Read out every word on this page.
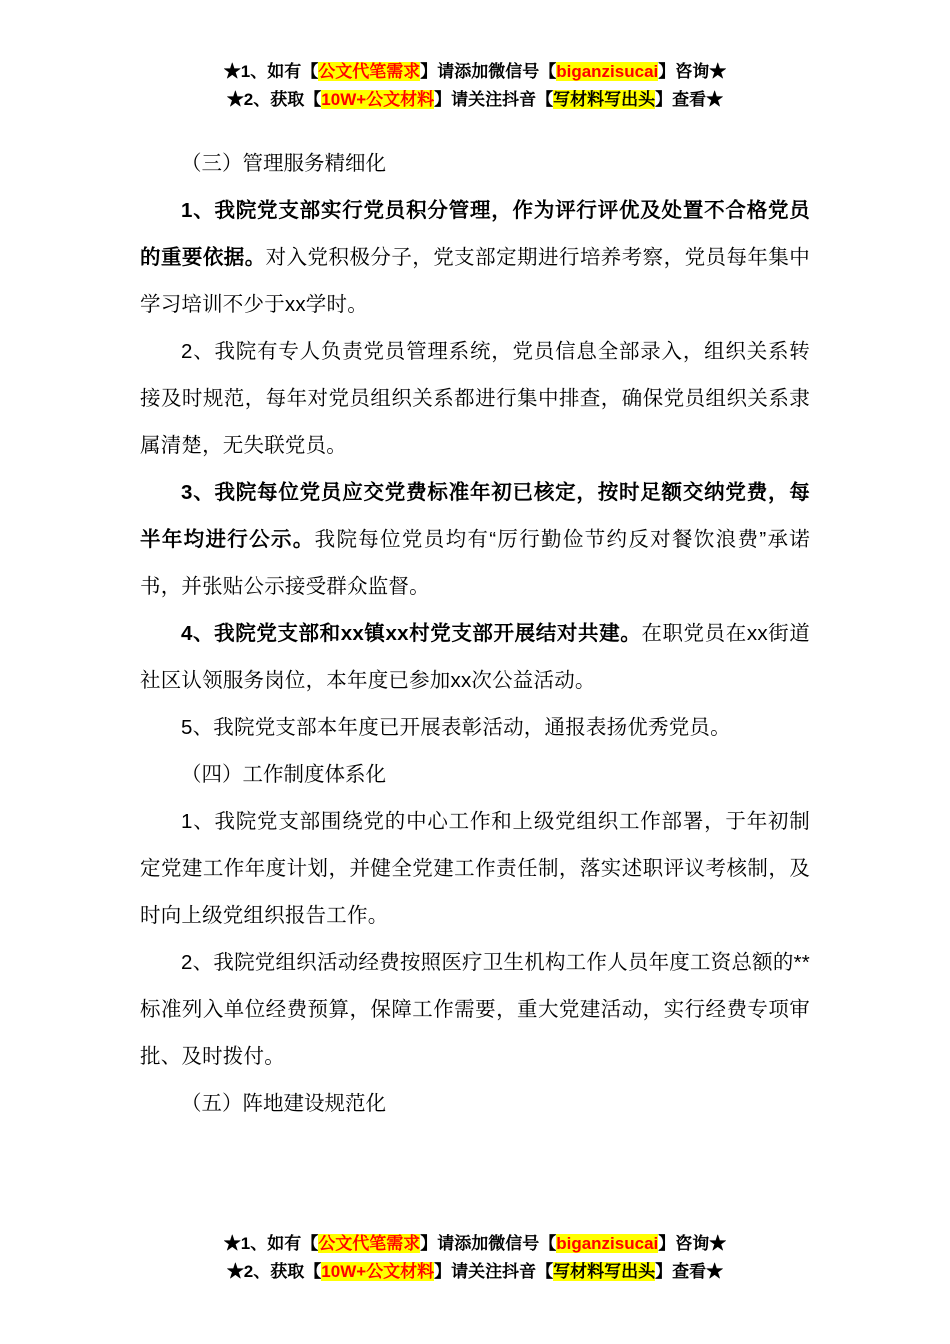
★1、如有【公文代笔需求】请添加微信号【biganzisucai】咨询★
★2、获取【10W+公文材料】请关注抖音【写材料写出头】查看★
（三）管理服务精细化

1、我院党支部实行党员积分管理，作为评行评优及处置不合格党员的重要依据。对入党积极分子，党支部定期进行培养考察，党员每年集中学习培训不少于xx学时。

2、我院有专人负责党员管理系统，党员信息全部录入，组织关系转接及时规范，每年对党员组织关系都进行集中排查，确保党员组织关系隶属清楚，无失联党员。

3、我院每位党员应交党费标准年初已核定，按时足额交纳党费，每半年均进行公示。我院每位党员均有“厉行勤俭节约反对餐饮浪费”承诺书，并张贴公示接受群众监督。

4、我院党支部和xx镇xx村党支部开展结对共建。在职党员在xx街道社区认领服务岗位，本年度已参加xx次公益活动。

5、我院党支部本年度已开展表彰活动，通报表扬优秀党员。

（四）工作制度体系化

1、我院党支部围绕党的中心工作和上级党组织工作部署，于年初制定党建工作年度计划，并健全党建工作责任制，落实述职评议考核制，及时向上级党组织报告工作。

2、我院党组织活动经费按照医疗卫生机构工作人员年度工资总额的**标准列入单位经费预算，保障工作需要，重大党建活动，实行经费专项审批、及时拨付。

（五）阵地建设规范化
★1、如有【公文代笔需求】请添加微信号【biganzisucai】咨询★
★2、获取【10W+公文材料】请关注抖音【写材料写出头】查看★
